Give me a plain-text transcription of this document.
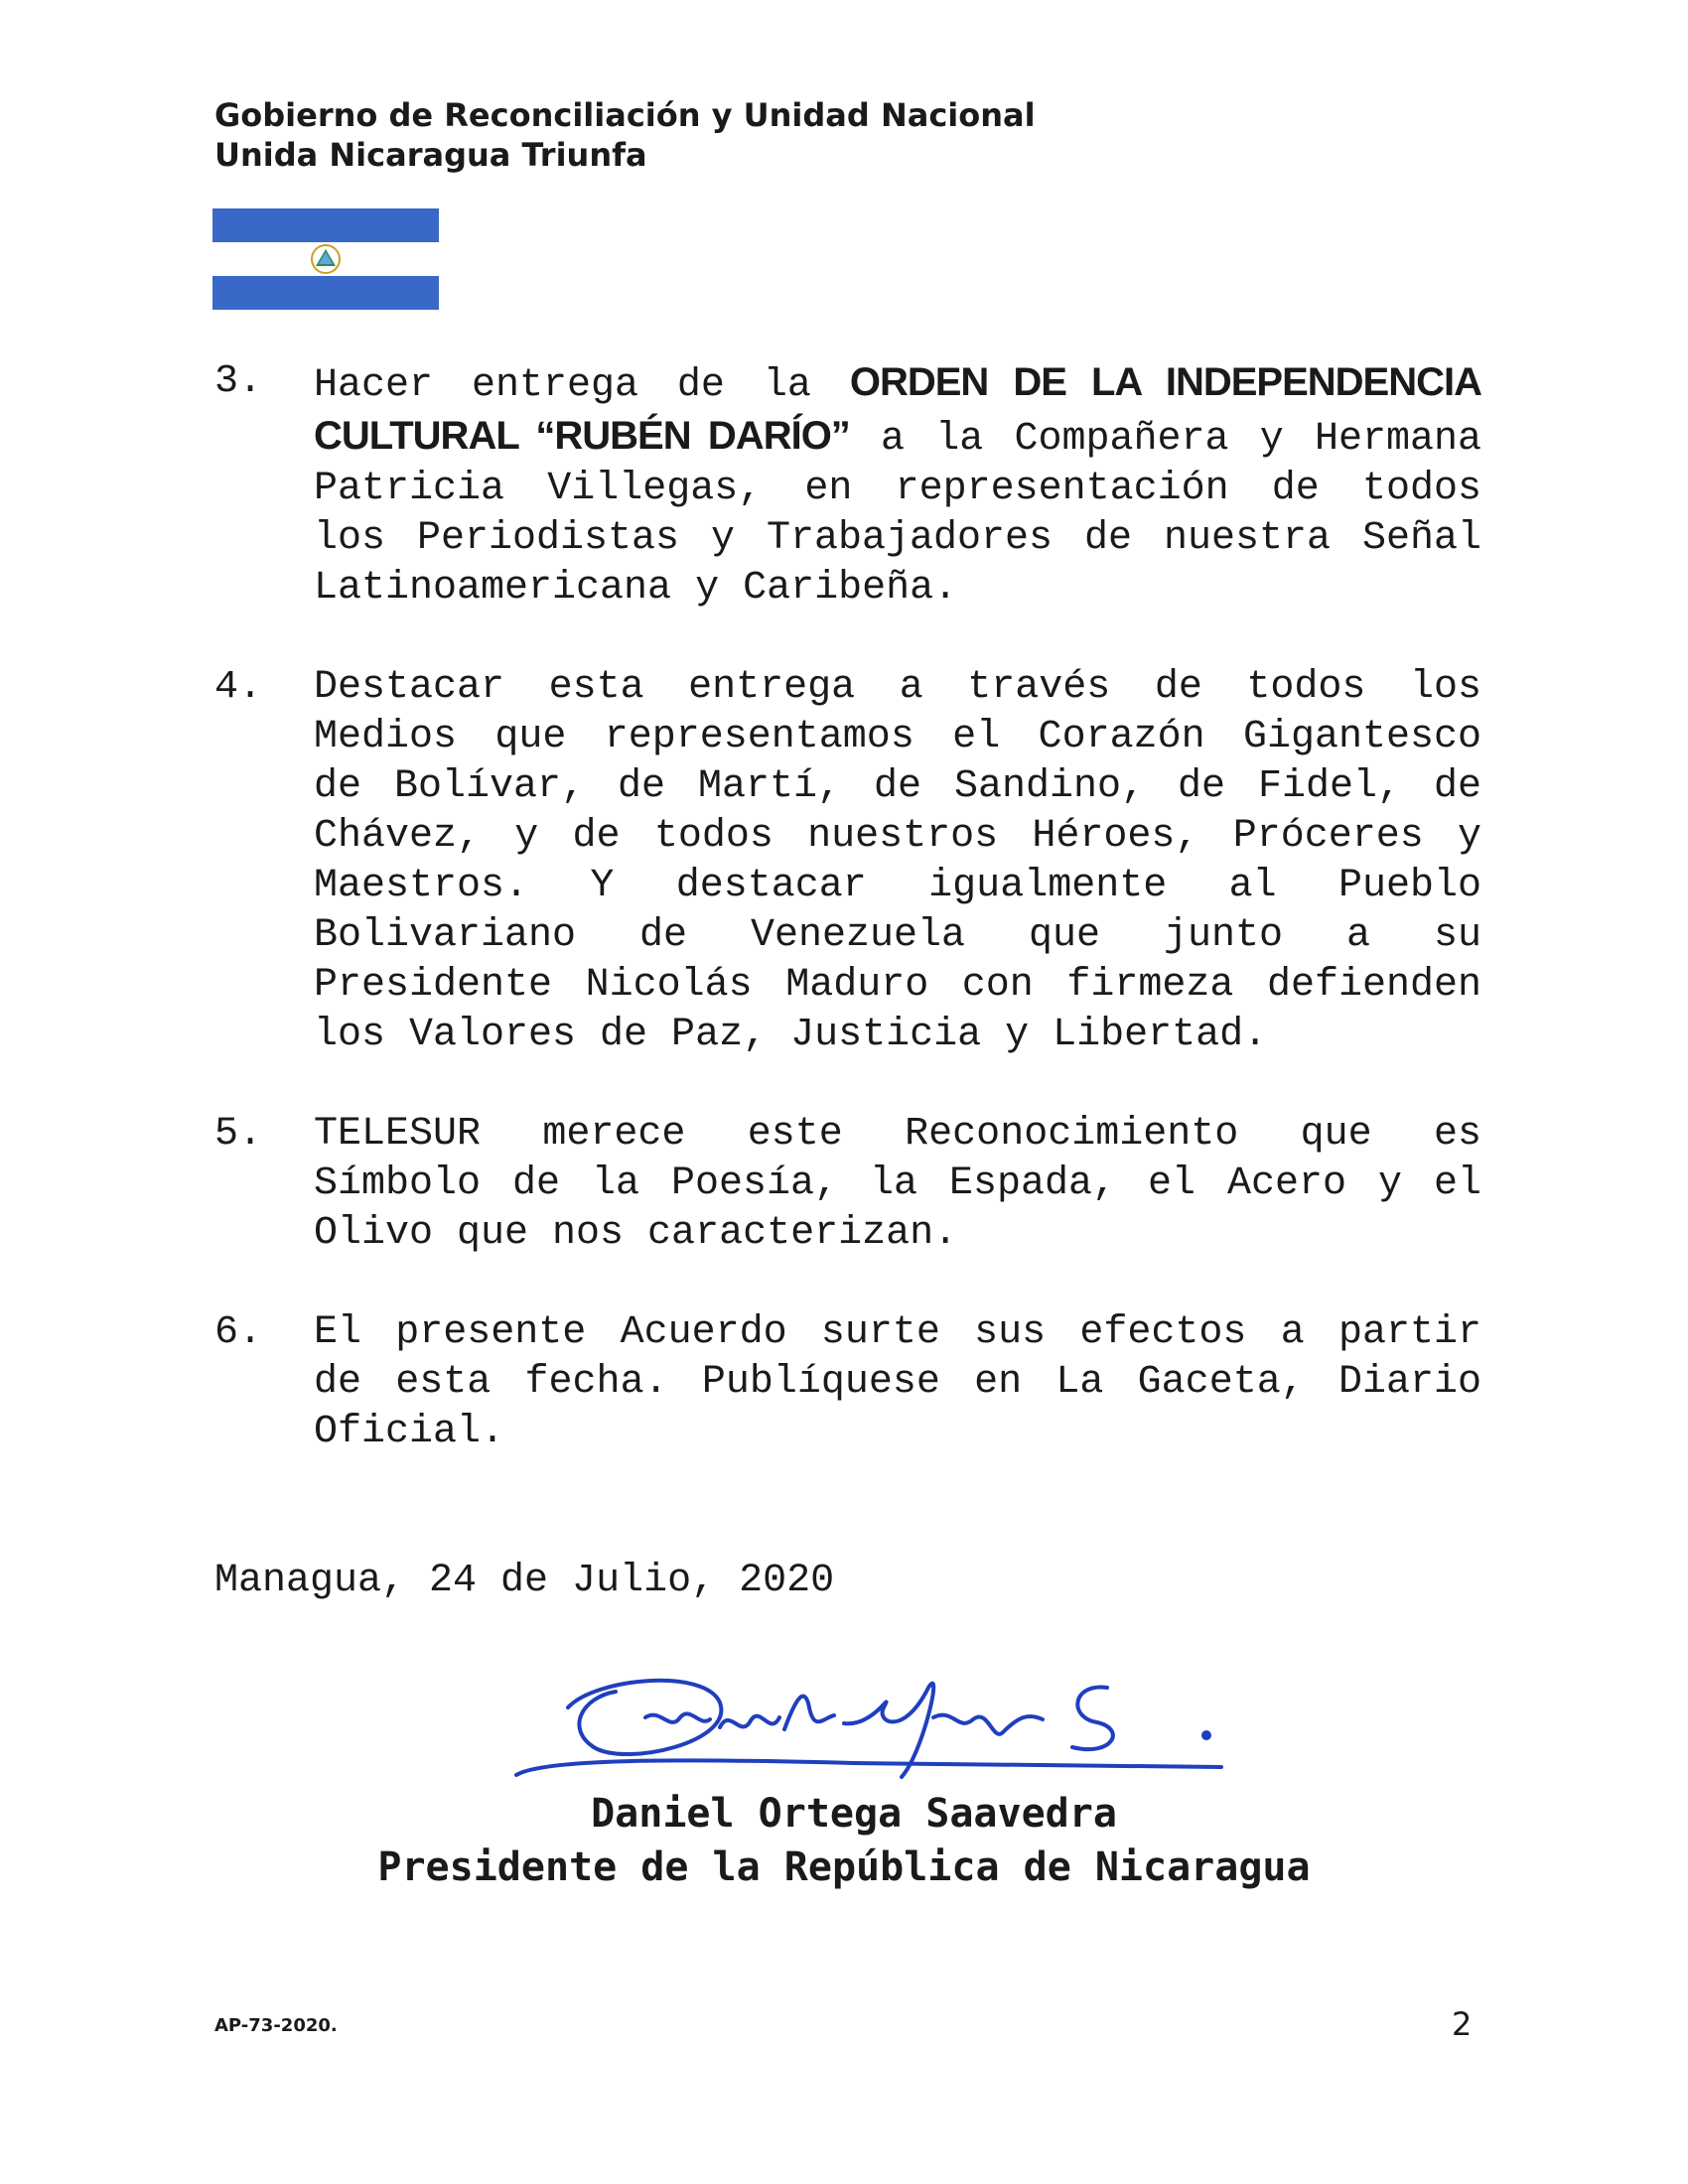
Gobierno de Reconciliación y Unidad Nacional
Unida Nicaragua Triunfa
3.	Hacer entrega de la ORDEN DE LA INDEPENDENCIA CULTURAL “RUBÉN DARÍO” a la Compañera y Hermana Patricia Villegas, en representación de todos los Periodistas y Trabajadores de nuestra Señal Latinoamericana y Caribeña.

4.	Destacar esta entrega a través de todos los Medios que representamos el Corazón Gigantesco de Bolívar, de Martí, de Sandino, de Fidel, de Chávez, y de todos nuestros Héroes, Próceres y Maestros. Y destacar igualmente al Pueblo Bolivariano de Venezuela que junto a su Presidente Nicolás Maduro con firmeza defienden los Valores de Paz, Justicia y Libertad.

5.	TELESUR merece este Reconocimiento que es Símbolo de la Poesía, la Espada, el Acero y el Olivo que nos caracterizan.

6.	El presente Acuerdo surte sus efectos a partir de esta fecha. Publíquese en La Gaceta, Diario Oficial.

Managua, 24 de Julio, 2020
Daniel Ortega Saavedra
Presidente de la República de Nicaragua
AP-73-2020.	2
